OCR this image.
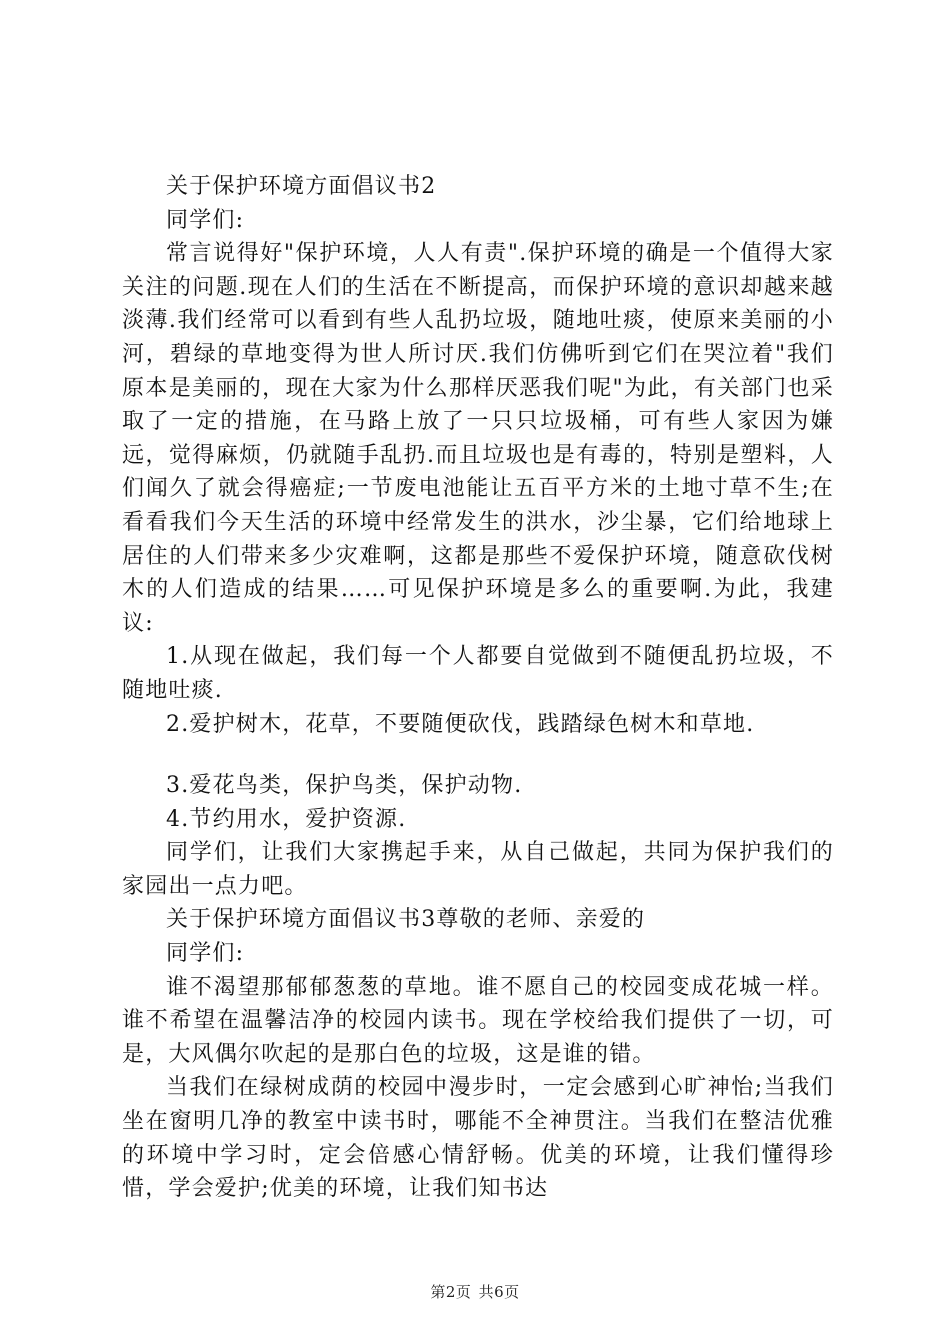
关于保护环境方面倡议书2

同学们:

常言说得好"保护环境，人人有责".保护环境的确是一个值得大家关注的问题.现在人们的生活在不断提高，而保护环境的意识却越来越淡薄.我们经常可以看到有些人乱扔垃圾，随地吐痰，使原来美丽的小河，碧绿的草地变得为世人所讨厌.我们仿佛听到它们在哭泣着"我们原本是美丽的，现在大家为什么那样厌恶我们呢"为此，有关部门也采取了一定的措施，在马路上放了一只只垃圾桶，可有些人家因为嫌远，觉得麻烦，仍就随手乱扔.而且垃圾也是有毒的，特别是塑料，人们闻久了就会得癌症;一节废电池能让五百平方米的土地寸草不生;在看看我们今天生活的环境中经常发生的洪水，沙尘暴，它们给地球上居住的人们带来多少灾难啊，这都是那些不爱保护环境，随意砍伐树木的人们造成的结果……可见保护环境是多么的重要啊.为此，我建议:

1.从现在做起，我们每一个人都要自觉做到不随便乱扔垃圾，不随地吐痰.

2.爱护树木，花草，不要随便砍伐，践踏绿色树木和草地.

3.爱花鸟类，保护鸟类，保护动物.

4.节约用水，爱护资源.

同学们，让我们大家携起手来，从自己做起，共同为保护我们的家园出一点力吧。

关于保护环境方面倡议书3尊敬的老师、亲爱的

同学们:

谁不渴望那郁郁葱葱的草地。谁不愿自己的校园变成花城一样。谁不希望在温馨洁净的校园内读书。现在学校给我们提供了一切，可是，大风偶尔吹起的是那白色的垃圾，这是谁的错。

当我们在绿树成荫的校园中漫步时，一定会感到心旷神怡;当我们坐在窗明几净的教室中读书时，哪能不全神贯注。当我们在整洁优雅的环境中学习时，定会倍感心情舒畅。优美的环境，让我们懂得珍惜，学会爱护;优美的环境，让我们知书达

第2页 共6页
